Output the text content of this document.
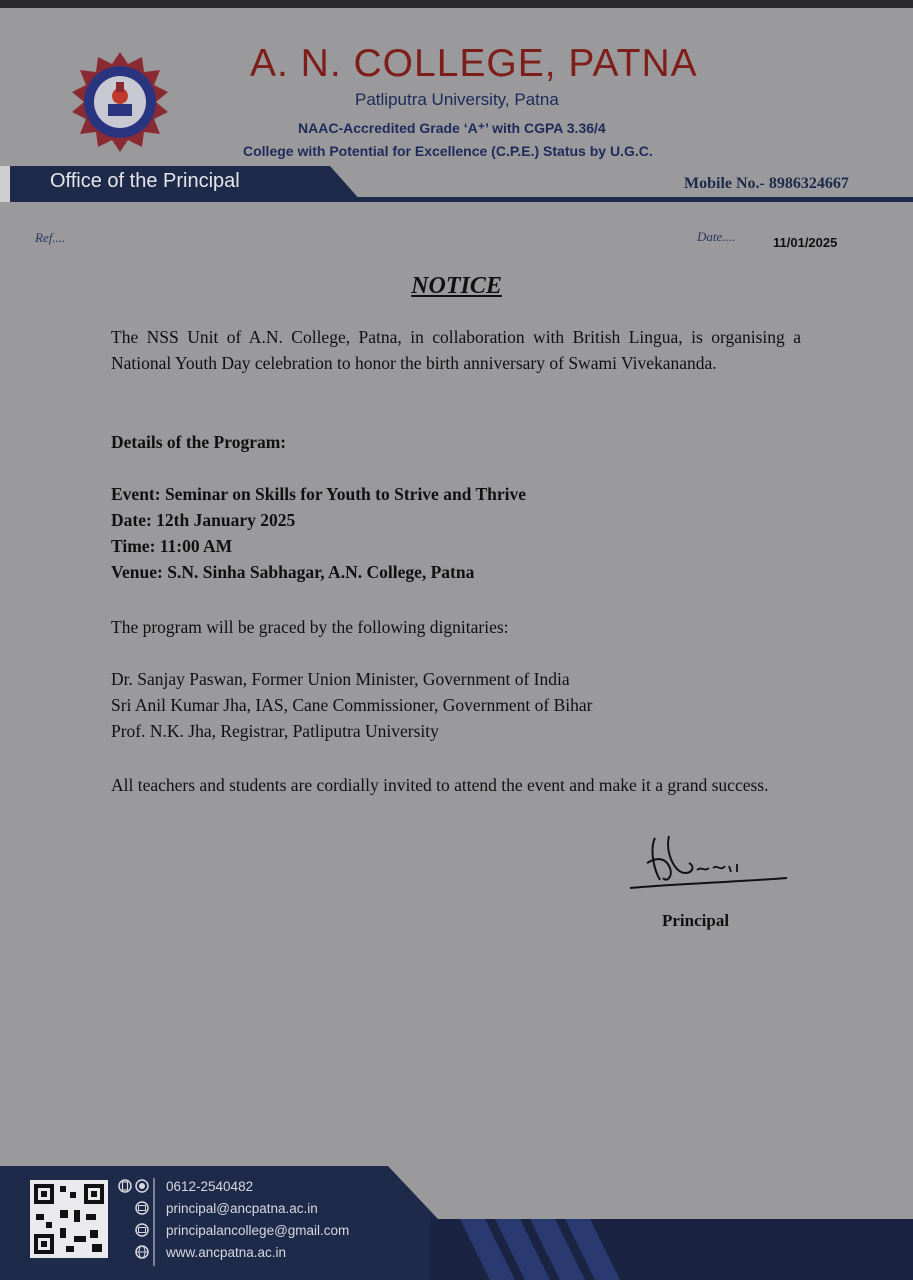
A. N. COLLEGE, PATNA
Patliputra University, Patna
NAAC-Accredited Grade ‘A⁺’ with CGPA 3.36/4
College with Potential for Excellence (C.P.E.) Status by U.G.C.
Office of the Principal	Mobile No.- 8986324667
Ref....	Date....	11/01/2025
NOTICE
The NSS Unit of A.N. College, Patna, in collaboration with British Lingua, is organising a National Youth Day celebration to honor the birth anniversary of Swami Vivekananda.
Details of the Program:
Event: Seminar on Skills for Youth to Strive and Thrive
Date: 12th January 2025
Time: 11:00 AM
Venue: S.N. Sinha Sabhagar, A.N. College, Patna
The program will be graced by the following dignitaries:
Dr. Sanjay Paswan, Former Union Minister, Government of India
Sri Anil Kumar Jha, IAS, Cane Commissioner, Government of Bihar
Prof. N.K. Jha, Registrar, Patliputra University
All teachers and students are cordially invited to attend the event and make it a grand success.
Principal
0612-2540482
principal@ancpatna.ac.in
principalancollege@gmail.com
www.ancpatna.ac.in
